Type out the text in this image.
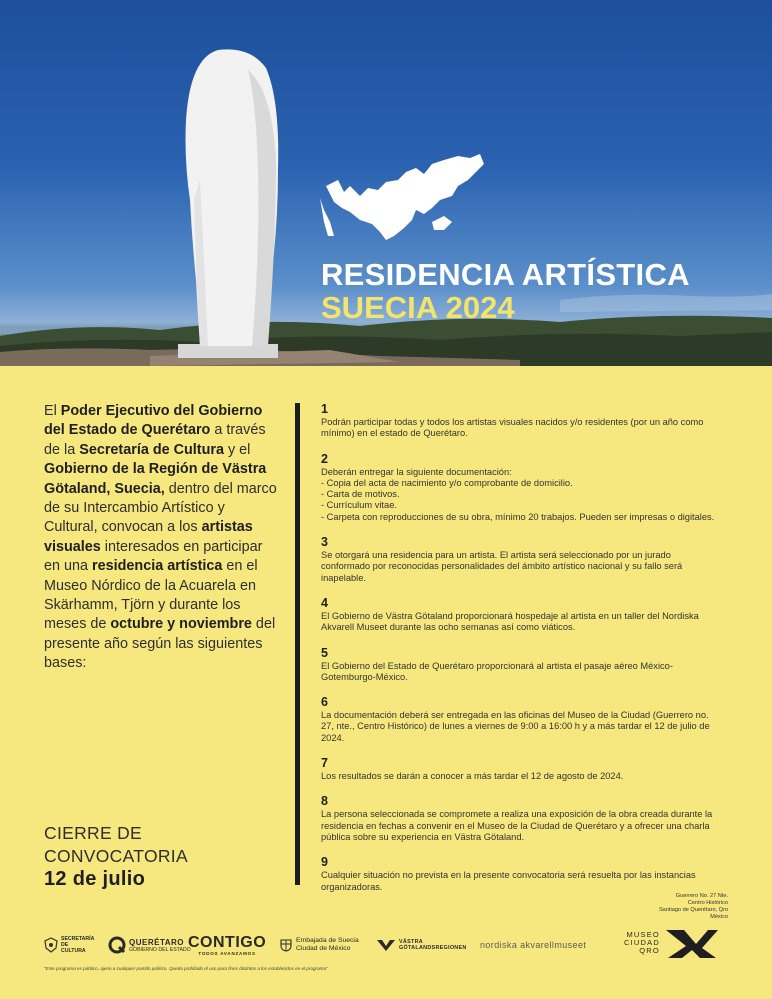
RESIDENCIA ARTÍSTICA
SUECIA 2024
El Poder Ejecutivo del Gobierno del Estado de Querétaro a través de la Secretaría de Cultura y el Gobierno de la Región de Västra Götaland, Suecia, dentro del marco de su Intercambio Artístico y Cultural, convocan a los artistas visuales interesados en participar en una residencia artística en el Museo Nórdico de la Acuarela en Skärhamm, Tjörn y durante los meses de octubre y noviembre del presente año según las siguientes bases:
CIERRE DE
CONVOCATORIA
12 de julio
1
Podrán participar todas y todos los artistas visuales nacidos y/o residentes (por un año como mínimo) en el estado de Querétaro.
2
Deberán entregar la siguiente documentación:
- Copia del acta de nacimiento y/o comprobante de domicilio.
- Carta de motivos.
- Currículum vitae.
- Carpeta con reproducciones de su obra, mínimo 20 trabajos. Pueden ser impresas o digitales.
3
Se otorgará una residencia para un artista. El artista será seleccionado por un jurado conformado por reconocidas personalidades del ámbito artístico nacional y su fallo será inapelable.
4
El Gobierno de Västra Götaland proporcionará hospedaje al artista en un taller del Nordiska Akvarell Museet durante las ocho semanas así como viáticos.
5
El Gobierno del Estado de Querétaro proporcionará al artista el pasaje aéreo México-Gotemburgo-México.
6
La documentación deberá ser entregada en las oficinas del Museo de la Ciudad (Guerrero no. 27, nte., Centro Histórico) de lunes a viernes de 9:00 a 16:00 h y a más tardar el 12 de julio de 2024.
7
Los resultados se darán a conocer a más tardar el 12 de agosto de 2024.
8
La persona seleccionada se compromete a realiza una exposición de la obra creada durante la residencia en fechas a convenir en el Museo de la Ciudad de Querétaro y a ofrecer una charla pública sobre su experiencia en Västra Götaland.
9
Cualquier situación no prevista en la presente convocatoria será resuelta por las instancias organizadoras.
Guerrero No. 27 Nte.
Centro Histórico
Santiago de Querétaro, Qro
México
SECRETARÍA DE CULTURA
QUERÉTARO
GOBIERNO DEL ESTADO
CONTIGO
TODOS AVANZAMOS
Embajada de Suecia
Ciudad de México
VÄSTRA
GÖTALANDSREGIONEN nordiska akvarellmuseet
MUSEO
CIUDAD
QRO
"Este programa es público, ajeno a cualquier partido político. Queda prohibido el uso para fines distintos a los establecidos en el programa"
